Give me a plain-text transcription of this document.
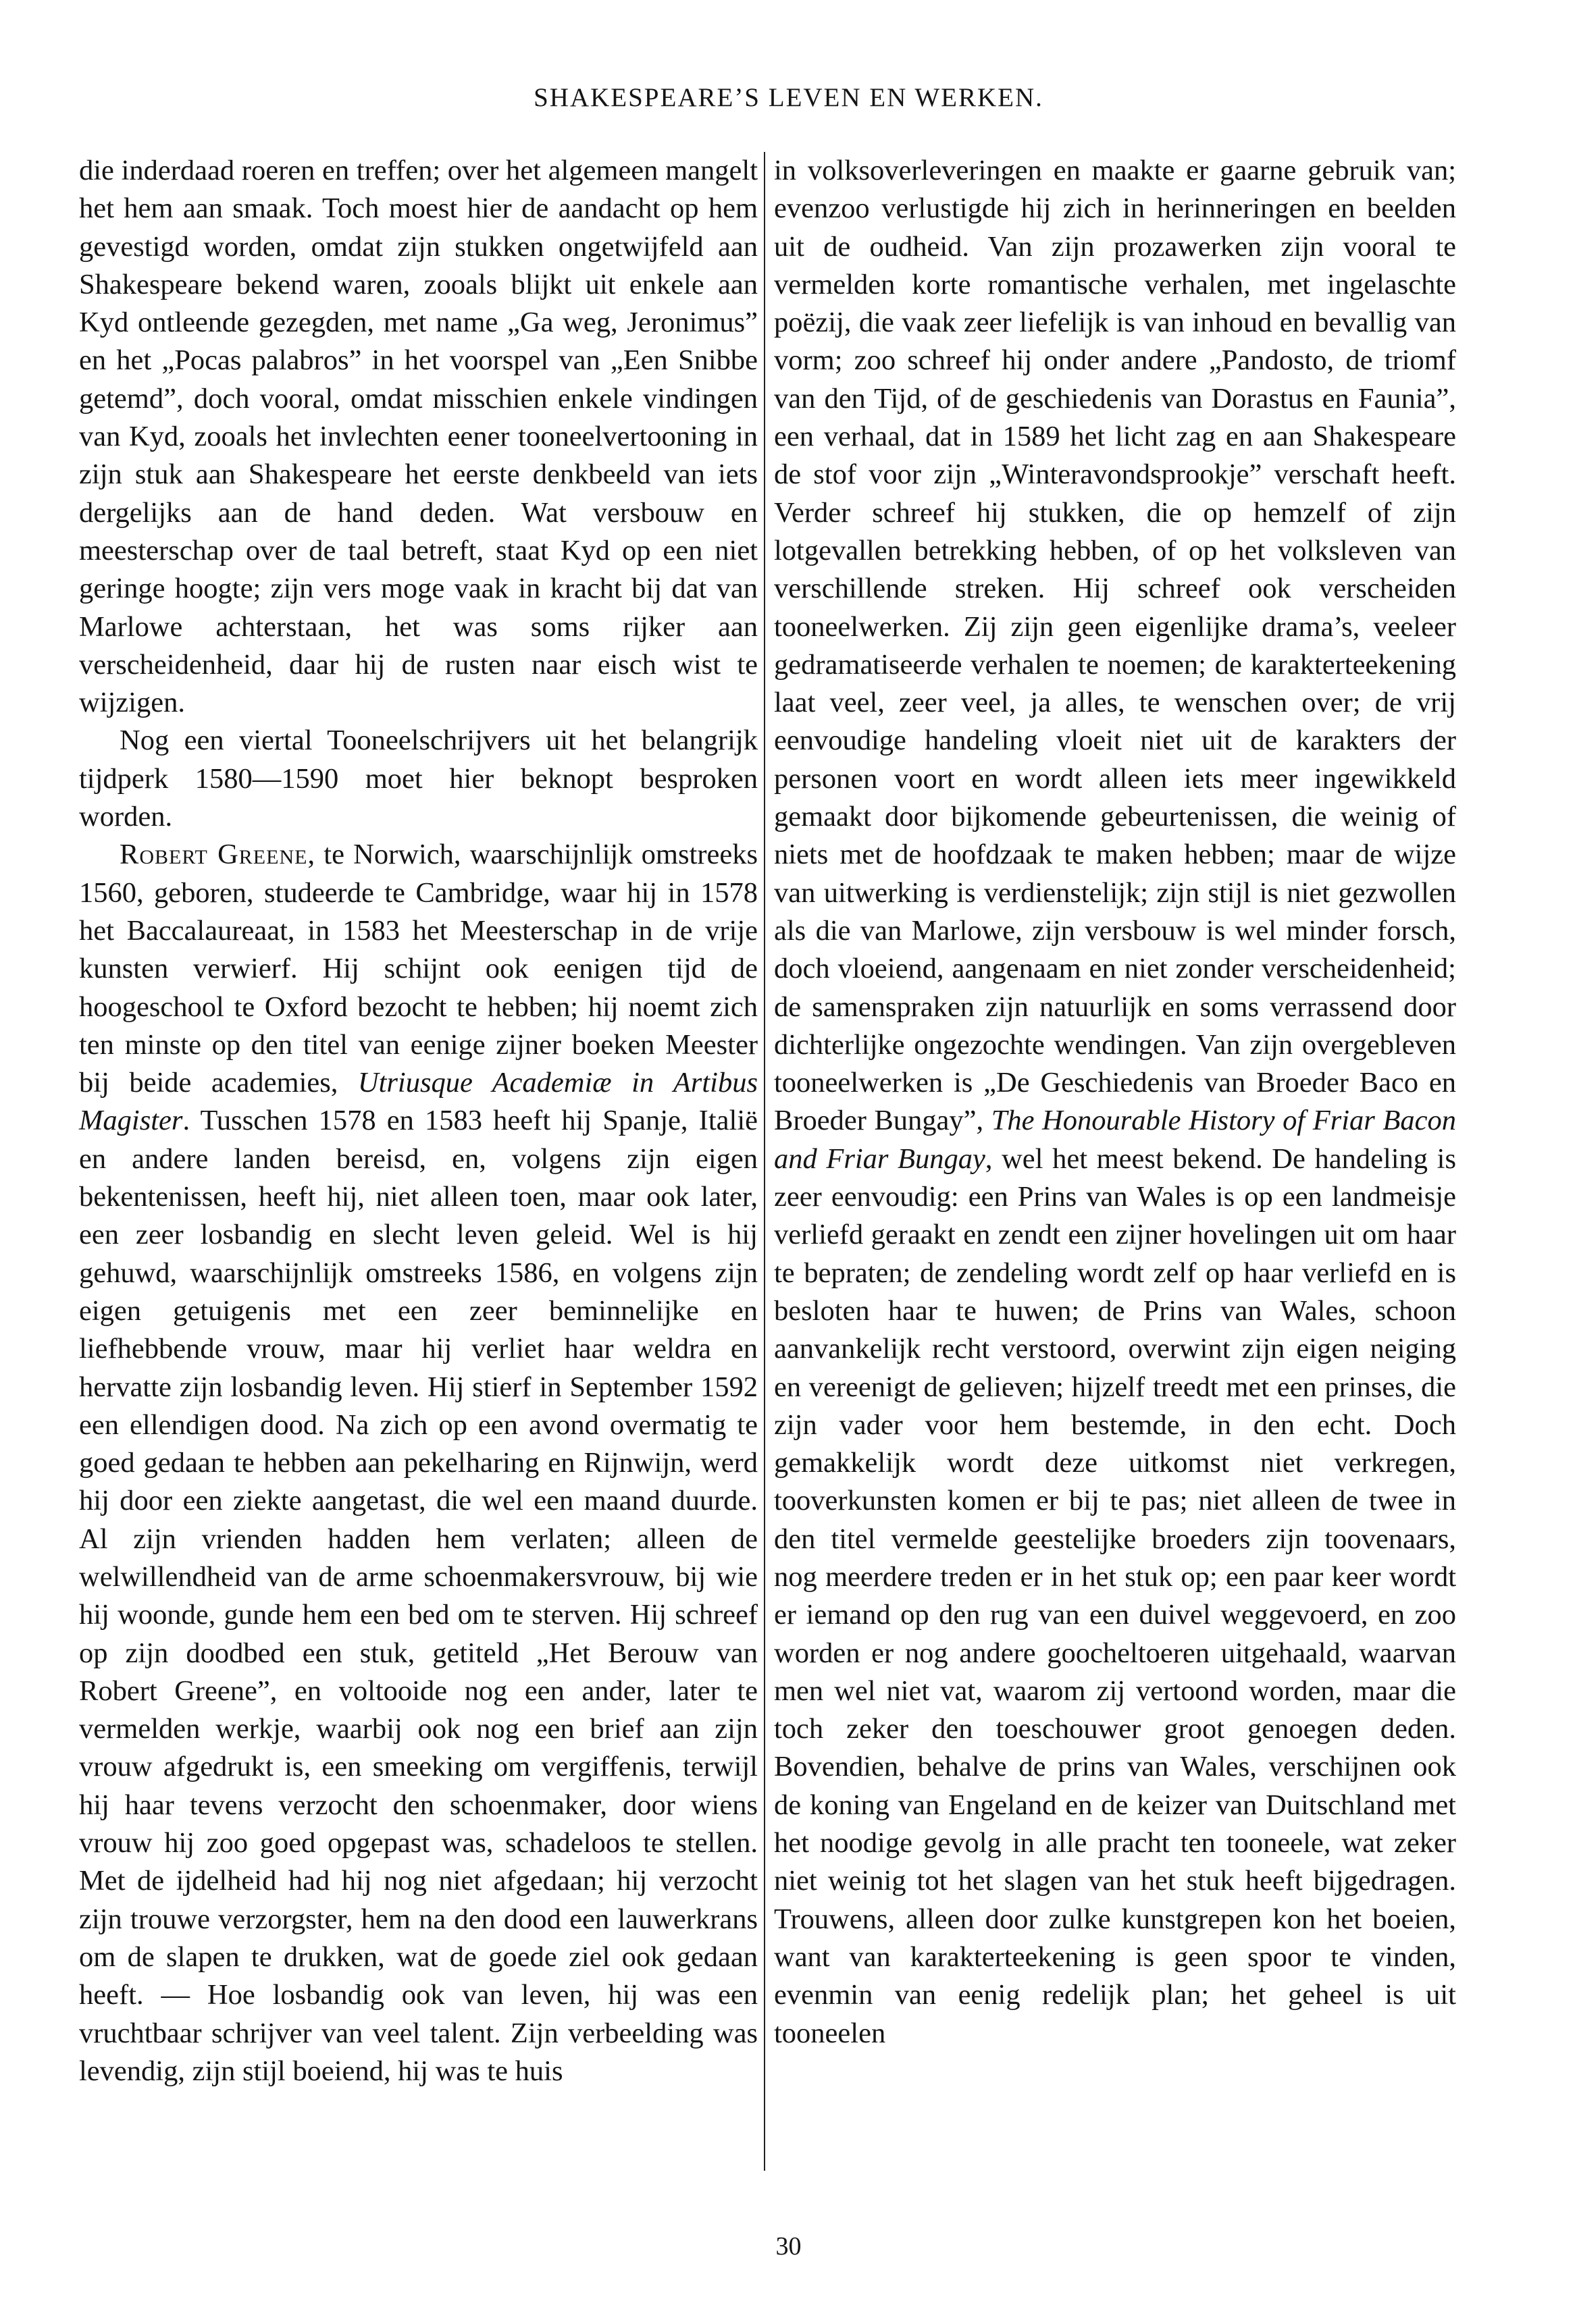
SHAKESPEARE’S LEVEN EN WERKEN.

die inderdaad roeren en treffen; over het algemeen mangelt het hem aan smaak. Toch moest hier de aandacht op hem gevestigd worden, omdat zijn stukken ongetwijfeld aan Shakespeare bekend waren, zooals blijkt uit enkele aan Kyd ontleende gezegden, met name „Ga weg, Jeronimus” en het „Pocas palabros” in het voorspel van „Een Snibbe getemd”, doch vooral, omdat misschien enkele vindingen van Kyd, zooals het invlechten eener tooneelvertooning in zijn stuk aan Shakespeare het eerste denkbeeld van iets dergelijks aan de hand deden. Wat versbouw en meesterschap over de taal betreft, staat Kyd op een niet geringe hoogte; zijn vers moge vaak in kracht bij dat van Marlowe achterstaan, het was soms rijker aan verscheidenheid, daar hij de rusten naar eisch wist te wijzigen.

Nog een viertal Tooneelschrijvers uit het belangrijk tijdperk 1580—1590 moet hier beknopt besproken worden.

Robert Greene, te Norwich, waarschijnlijk omstreeks 1560, geboren, studeerde te Cambridge, waar hij in 1578 het Baccalaureaat, in 1583 het Meesterschap in de vrije kunsten verwierf. Hij schijnt ook eenigen tijd de hoogeschool te Oxford bezocht te hebben; hij noemt zich ten minste op den titel van eenige zijner boeken Meester bij beide academies, Utriusque Academiæ in Artibus Magister. Tusschen 1578 en 1583 heeft hij Spanje, Italië en andere landen bereisd, en, volgens zijn eigen bekentenissen, heeft hij, niet alleen toen, maar ook later, een zeer losbandig en slecht leven geleid. Wel is hij gehuwd, waarschijnlijk omstreeks 1586, en volgens zijn eigen getuigenis met een zeer beminnelijke en liefhebbende vrouw, maar hij verliet haar weldra en hervatte zijn losbandig leven. Hij stierf in September 1592 een ellendigen dood. Na zich op een avond overmatig te goed gedaan te hebben aan pekelharing en Rijnwijn, werd hij door een ziekte aangetast, die wel een maand duurde. Al zijn vrienden hadden hem verlaten; alleen de welwillendheid van de arme schoenmakersvrouw, bij wie hij woonde, gunde hem een bed om te sterven. Hij schreef op zijn doodbed een stuk, getiteld „Het Berouw van Robert Greene”, en voltooide nog een ander, later te vermelden werkje, waarbij ook nog een brief aan zijn vrouw afgedrukt is, een smeeking om vergiffenis, terwijl hij haar tevens verzocht den schoenmaker, door wiens vrouw hij zoo goed opgepast was, schadeloos te stellen. Met de ijdelheid had hij nog niet afgedaan; hij verzocht zijn trouwe verzorgster, hem na den dood een lauwerkrans om de slapen te drukken, wat de goede ziel ook gedaan heeft. — Hoe losbandig ook van leven, hij was een vruchtbaar schrijver van veel talent. Zijn verbeelding was levendig, zijn stijl boeiend, hij was te huis

in volksoverleveringen en maakte er gaarne gebruik van; evenzoo verlustigde hij zich in herinneringen en beelden uit de oudheid. Van zijn prozawerken zijn vooral te vermelden korte romantische verhalen, met ingelaschte poëzij, die vaak zeer liefelijk is van inhoud en bevallig van vorm; zoo schreef hij onder andere „Pandosto, de triomf van den Tijd, of de geschiedenis van Dorastus en Faunia”, een verhaal, dat in 1589 het licht zag en aan Shakespeare de stof voor zijn „Winteravondsprookje” verschaft heeft. Verder schreef hij stukken, die op hemzelf of zijn lotgevallen betrekking hebben, of op het volksleven van verschillende streken. Hij schreef ook verscheiden tooneelwerken. Zij zijn geen eigenlijke drama’s, veeleer gedramatiseerde verhalen te noemen; de karakterteekening laat veel, zeer veel, ja alles, te wenschen over; de vrij eenvoudige handeling vloeit niet uit de karakters der personen voort en wordt alleen iets meer ingewikkeld gemaakt door bijkomende gebeurtenissen, die weinig of niets met de hoofdzaak te maken hebben; maar de wijze van uitwerking is verdienstelijk; zijn stijl is niet gezwollen als die van Marlowe, zijn versbouw is wel minder forsch, doch vloeiend, aangenaam en niet zonder verscheidenheid; de samenspraken zijn natuurlijk en soms verrassend door dichterlijke ongezochte wendingen. Van zijn overgebleven tooneelwerken is „De Geschiedenis van Broeder Baco en Broeder Bungay”, The Honourable History of Friar Bacon and Friar Bungay, wel het meest bekend. De handeling is zeer eenvoudig: een Prins van Wales is op een landmeisje verliefd geraakt en zendt een zijner hovelingen uit om haar te bepraten; de zendeling wordt zelf op haar verliefd en is besloten haar te huwen; de Prins van Wales, schoon aanvankelijk recht verstoord, overwint zijn eigen neiging en vereenigt de gelieven; hijzelf treedt met een prinses, die zijn vader voor hem bestemde, in den echt. Doch gemakkelijk wordt deze uitkomst niet verkregen, tooverkunsten komen er bij te pas; niet alleen de twee in den titel vermelde geestelijke broeders zijn toovenaars, nog meerdere treden er in het stuk op; een paar keer wordt er iemand op den rug van een duivel weggevoerd, en zoo worden er nog andere goocheltoeren uitgehaald, waarvan men wel niet vat, waarom zij vertoond worden, maar die toch zeker den toeschouwer groot genoegen deden. Bovendien, behalve de prins van Wales, verschijnen ook de koning van Engeland en de keizer van Duitschland met het noodige gevolg in alle pracht ten tooneele, wat zeker niet weinig tot het slagen van het stuk heeft bijgedragen. Trouwens, alleen door zulke kunstgrepen kon het boeien, want van karakterteekening is geen spoor te vinden, evenmin van eenig redelijk plan; het geheel is uit tooneelen

30
